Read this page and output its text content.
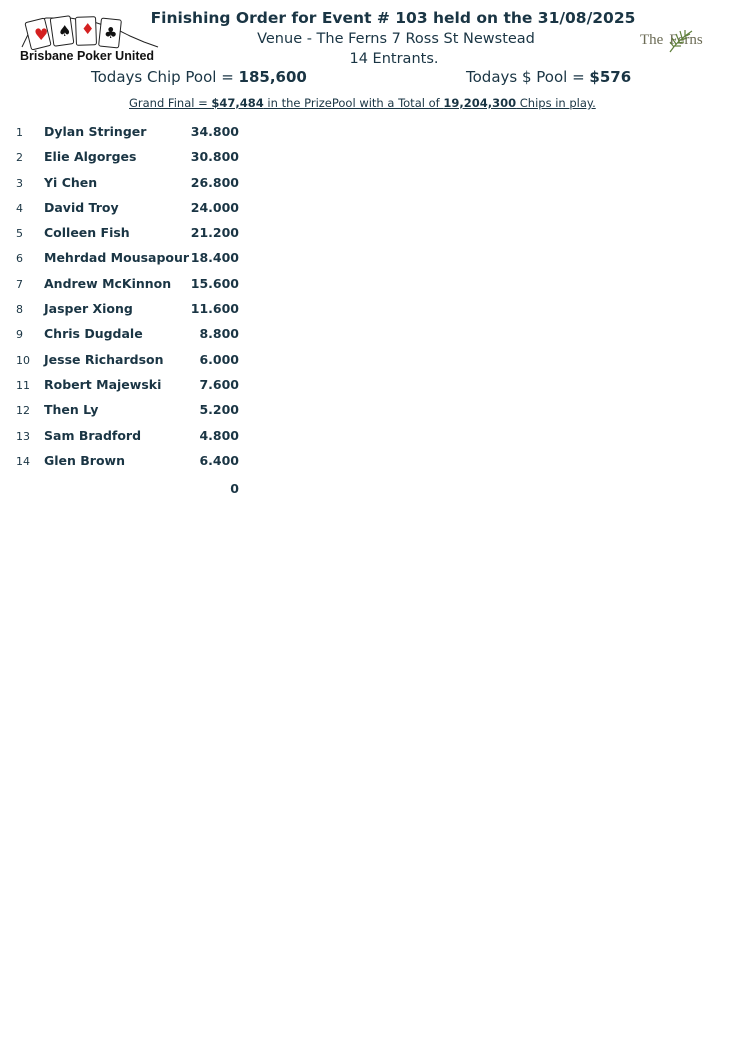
♥ ♠ ♦ ♣
Brisbane Poker United
The Ferns
Finishing Order for Event # 103 held on the 31/08/2025
Venue - The Ferns 7 Ross St Newstead
14 Entrants.
Todays Chip Pool = 185,600	Todays $ Pool = $576
Grand Final = $47,484 in the PrizePool with a Total of 19,204,300 Chips in play.
1 Dylan Stringer	34.800
2 Elie Algorges	30.800
3 Yi Chen	26.800
4 David Troy	24.000
5 Colleen Fish	21.200
6 Mehrdad Mousapour 18.400
7 Andrew McKinnon 15.600
8 Jasper Xiong	11.600
9 Chris Dugdale	8.800
10 Jesse Richardson	6.000
11 Robert Majewski	7.600
12 Then Ly	5.200
13 Sam Bradford	4.800
14 Glen Brown	6.400
0
